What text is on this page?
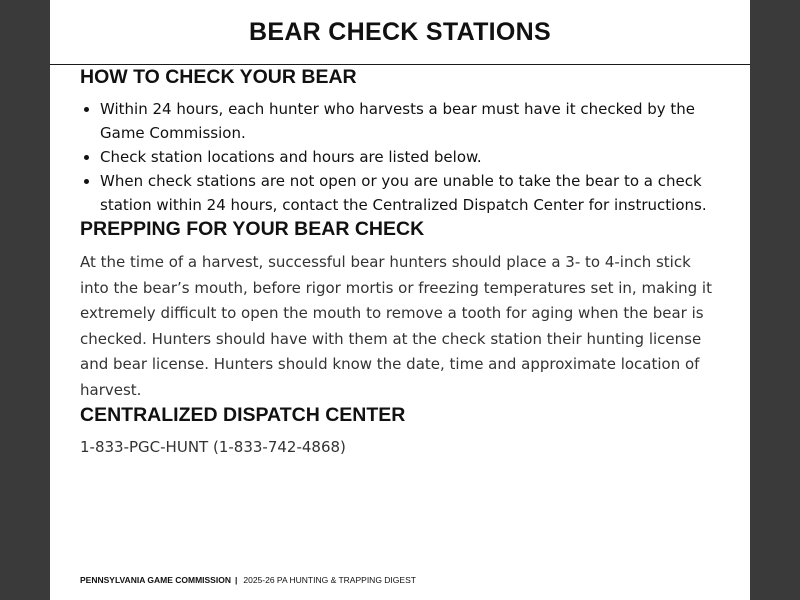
BEAR CHECK STATIONS
HOW TO CHECK YOUR BEAR
• Within 24 hours, each hunter who harvests a bear must have it checked by the Game Commission.
• Check station locations and hours are listed below.
• When check stations are not open or you are unable to take the bear to a check station within 24 hours, contact the Centralized Dispatch Center for instructions.
PREPPING FOR YOUR BEAR CHECK

At the time of a harvest, successful bear hunters should place a 3- to 4-inch stick into the bear’s mouth, before rigor mortis or freezing temperatures set in, making it extremely difficult to open the mouth to remove a tooth for aging when the bear is checked. Hunters should have with them at the check station their hunting license and bear license. Hunters should know the date, time and approximate location of harvest.

CENTRALIZED DISPATCH CENTER

1-833-PGC-HUNT (1-833-742-4868)

PENNSYLVANIA GAME COMMISSION | 2025-26 PA HUNTING & TRAPPING DIGEST
